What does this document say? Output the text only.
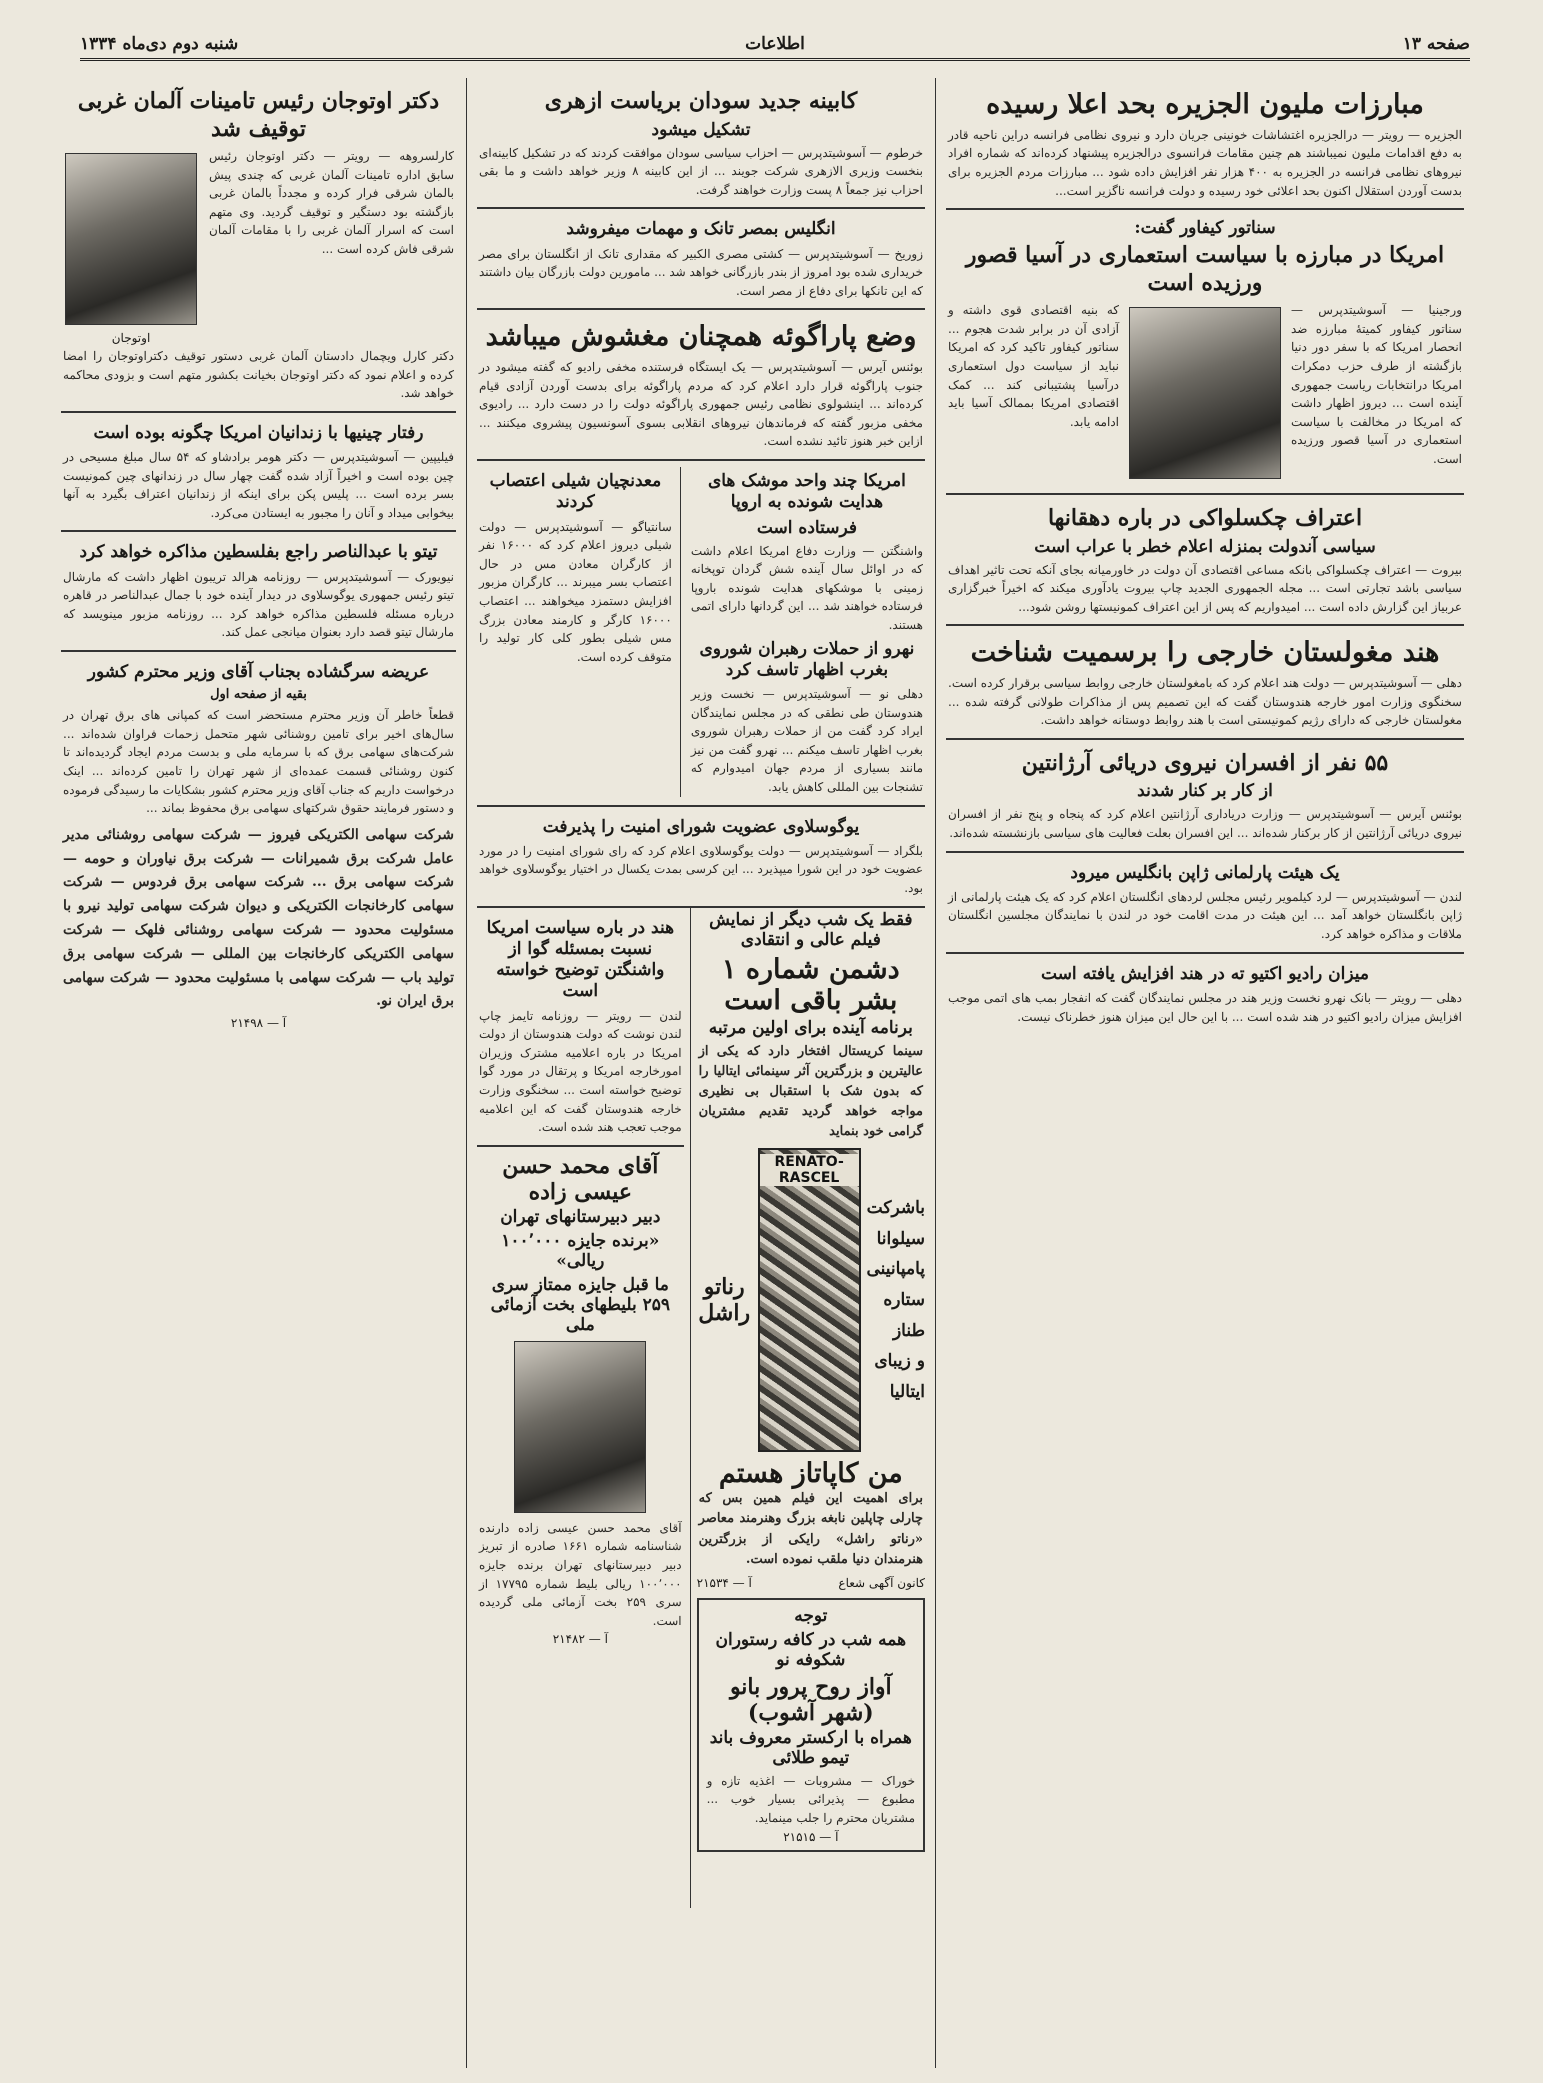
صفحه ۱۳
اطلاعات
شنبه دوم دی‌ماه ۱۳۳۴
مبارزات مليون الجزيره بحد اعلا رسيده
الجزیره‌ — رویتر — درالجزیره اغتشاشات خونینی جریان دارد و نیروی نظامی فرانسه دراین ناحیه قادر به دفع اقدامات مليون نمیباشند هم چنین مقامات فرانسوی درالجزیره پیشنهاد کرده‌اند که شماره افراد نیروهای نظامی فرانسه در الجزیره به ۴۰۰ هزار نفر افزایش داده شود ... مبارزات مردم الجزیره برای بدست آوردن استقلال اکنون بحد اعلائی خود رسیده و دولت فرانسه ناگزیر است...
سناتور کیفاور گفت:
امریکا در مبارزه با سیاست استعماری در آسیا قصور ورزیده است
ورجینیا — آسوشیتدپرس — سناتور کیفاور کمیتهٔ مبارزه ضد انحصار امریکا که با سفر دور دنیا بازگشته از طرف حزب دمکرات امریکا درانتخابات ریاست جمهوری آینده است ... دیروز اظهار داشت که امریکا در مخالفت با سیاست استعماری در آسیا قصور ورزیده است.
که بنیه اقتصادی قوی داشته و آزادی آن در برابر شدت هجوم ... سناتور کیفاور تاکید کرد که امریکا نباید از سیاست دول استعماری درآسیا پشتیبانی کند ... کمک اقتصادی امریکا بممالک آسیا باید ادامه یابد.
اعتراف چکسلواکی در باره دهقانها
سیاسی آندولت بمنزله اعلام خطر با عراب است
بیروت — اعتراف چکسلواکی بانکه مساعی اقتصادی آن دولت در خاورمیانه بجای آنکه تحت تاثیر اهداف سیاسی باشد تجارتی است ... مجله الجمهوری الجدید چاپ بیروت یادآوری میکند که اخیراً خبرگزاری عربیاز این گزارش داده است ... امیدواریم که پس از این اعتراف کمونیستها روشن شود...
هند مغولستان خارجی را برسمیت شناخت
دهلی — آسوشیتدپرس — دولت هند اعلام کرد که بامغولستان خارجی روابط سیاسی برقرار کرده است. سخنگوی وزارت امور خارجه هندوستان گفت که این تصمیم پس از مذاکرات طولانی گرفته شده ... مغولستان خارجی که دارای رژیم کمونیستی است با هند روابط دوستانه خواهد داشت.
۵۵ نفر از افسران نیروی دریائی آرژانتین
از کار بر کنار شدند
بوئنس آیرس — آسوشیتدپرس — وزارت دریاداری آرژانتین اعلام کرد که پنجاه و پنج نفر از افسران نیروی دریائی آرژانتین از کار برکنار شده‌اند ... این افسران بعلت فعالیت های سیاسی بازنشسته شده‌اند.
یک هیئت پارلمانی ژاپن بانگلیس میرود
لندن — آسوشیتدپرس — لرد کیلمویر رئیس مجلس لردهای انگلستان اعلام کرد که یک هیئت پارلمانی از ژاپن بانگلستان خواهد آمد ... این هیئت در مدت اقامت خود در لندن با نمایندگان مجلسین انگلستان ملاقات و مذاکره خواهد کرد.
میزان رادیو اکتیو ته در هند افزایش یافته است
دهلی — رویتر — بانک نهرو نخست وزیر هند در مجلس نمایندگان گفت که انفجار بمب های اتمی موجب افزایش میزان رادیو اکتیو در هند شده است ... با این حال این میزان هنوز خطرناک نیست.
کابینه جدید سودان بریاست ازهری
تشکیل میشود
خرطوم — آسوشیتدپرس — احزاب سیاسی سودان موافقت کردند که در تشکیل کابینه‌ای بنخست وزیری الازهری شرکت جویند ... از این کابینه ۸ وزیر خواهد داشت و ما بقی احزاب نیز جمعاً ۸ پست وزارت خواهند گرفت.
انگلیس بمصر تانک و مهمات میفروشد
زوریخ — آسوشیتدپرس — کشتی مصری الکبیر که مقداری تانک از انگلستان برای مصر خریداری شده بود امروز از بندر بازرگانی خواهد شد ... مامورین دولت بازرگان بیان داشتند که این تانکها برای دفاع از مصر است.
وضع پاراگوئه همچنان مغشوش میباشد
بوئنس آیرس — آسوشیتدپرس — یک ایستگاه فرستنده مخفی رادیو که گفته میشود در جنوب پاراگوئه قرار دارد اعلام کرد که مردم پاراگوئه برای بدست آوردن آزادی قیام کرده‌اند ... اینشولوی نظامی رئیس جمهوری پاراگوئه دولت را در دست دارد ... رادیوی مخفی مزبور گفته که فرماندهان نیروهای انقلابی بسوی آسونسیون پیشروی میکنند ... ازاین خبر هنوز تائید نشده است.
امریکا چند واحد موشک های هدایت شونده به اروپا
فرستاده است
واشنگتن — وزارت دفاع امریکا اعلام داشت که در اوائل سال آینده شش گردان توپخانه زمینی با موشکهای هدایت شونده باروپا فرستاده خواهند شد ... این گردانها دارای اتمی هستند.
نهرو از حملات رهبران شوروی بغرب اظهار تاسف کرد
دهلی نو — آسوشیتدپرس — نخست وزیر هندوستان طی نطقی که در مجلس نمایندگان ایراد کرد گفت من از حملات رهبران شوروی بغرب اظهار تاسف میکنم ... نهرو گفت من نیز مانند بسیاری از مردم جهان امیدوارم که تشنجات بین المللی کاهش یابد.
معدنچیان شیلی اعتصاب کردند
سانتیاگو — آسوشیتدپرس — دولت شیلی دیروز اعلام کرد که ۱۶۰۰۰ نفر از کارگران معادن مس در حال اعتصاب بسر میبرند ... کارگران مزبور افزایش دستمزد میخواهند ... اعتصاب ۱۶۰۰۰ کارگر و کارمند معادن بزرگ مس شیلی بطور کلی کار تولید را متوقف کرده است.
یوگوسلاوی عضویت شورای امنیت را پذیرفت
بلگراد — آسوشیتدپرس — دولت یوگوسلاوی اعلام کرد که رای شورای امنیت را در مورد عضویت خود در این شورا میپذیرد ... این کرسی بمدت یکسال در اختیار یوگوسلاوی خواهد بود.
فقط یک شب دیگر از نمایش فیلم عالی و انتقادی
دشمن شماره ۱ بشر باقی است
برنامه آینده برای اولین مرتبه
سینما کریستال افتخار دارد که یکی از عالیترین و بزرگترین آثر سینمائی ایتالیا را که بدون شک با استقبال بی نظیری مواجه خواهد گردید تقدیم مشتریان گرامی خود بنماید
باشرکت
سیلوانا
پامپانینی
ستاره طناز
و زیبای
ایتالیا
RENATO-RASCEL
رناتو راشل
من کاپاتاز هستم
برای اهمیت این فیلم همین بس که چارلی چاپلین نابغه بزرگ وهنرمند معاصر «رناتو راشل» رایکی از بزرگترین هنرمندان دنیا ملقب نموده است.
کانون آگهی شعاع
آ — ۲۱۵۳۴
توجه
همه شب در کافه رستوران شکوفه نو
آواز روح پرور بانو (شهر آشوب)
همراه با ارکستر معروف باند تیمو طلائی
خوراک — مشروبات — اغذیه تازه و مطبوع — پذیرائی بسیار خوب ... مشتریان محترم را جلب مینماید.
آ — ۲۱۵۱۵
هند در باره سیاست امریکا نسبت بمسئله گوا از واشنگتن توضیح خواسته است
لندن — رویتر — روزنامه تایمز چاپ لندن نوشت که دولت هندوستان از دولت امریکا در باره اعلامیه مشترک وزیران امورخارجه امریکا و پرتقال در مورد گوا توضیح خواسته است ... سخنگوی وزارت خارجه هندوستان گفت که این اعلامیه موجب تعجب هند شده است.
آقای محمد حسن عیسی زاده
دبیر دبیرستانهای تهران
«برنده جایزه ۱۰۰٬۰۰۰ ریالی»
ما قبل جایزه ممتاز سری ۲۵۹ بلیطهای بخت آزمائی ملی
آقای محمد حسن عیسی زاده دارنده شناسنامه شماره ۱۶۶۱ صادره از تبریز دبیر دبیرستانهای تهران برنده جایزه ۱۰۰٬۰۰۰ ریالی بلیط شماره ۱۷۷۹۵ از سری ۲۵۹ بخت آزمائی ملی گردیده است.
آ — ۲۱۴۸۲
دکتر اوتوجان رئیس تامینات آلمان غربی توقیف شد
کارلسروهه — رویتر — دکتر اوتوجان رئیس سابق اداره تامینات آلمان غربی که چندی پیش بالمان شرقی فرار کرده و مجدداً بالمان غربی بازگشته بود دستگیر و توقیف گردید. وی متهم است که اسرار آلمان غربی را با مقامات آلمان شرقی فاش کرده است ...
اوتوجان
دکتر کارل ویچمال دادستان آلمان غربی دستور توقیف دکتراوتوجان را امضا کرده و اعلام نمود که دکتر اوتوجان بخیانت بکشور متهم است و بزودی محاکمه خواهد شد.
رفتار چینیها با زندانیان امریکا چگونه بوده است
فیلیپین — آسوشیتدپرس — دکتر هومر برادشاو که ۵۴ سال مبلغ مسیحی در چین بوده است و اخیراً آزاد شده گفت چهار سال در زندانهای چین کمونیست بسر برده است ... پلیس پکن برای اینکه از زندانیان اعتراف بگیرد به آنها بیخوابی میداد و آنان را مجبور به ایستادن می‌کرد.
تیتو با عبدالناصر راجع بفلسطین مذاکره خواهد کرد
نیویورک — آسوشیتدپرس — روزنامه هرالد تریبون اظهار داشت که مارشال تیتو رئیس جمهوری یوگوسلاوی در دیدار آینده خود با جمال عبدالناصر در قاهره درباره مسئله فلسطین مذاکره خواهد کرد ... روزنامه مزبور مینویسد که مارشال تیتو قصد دارد بعنوان میانجی عمل کند.
عریضه سرگشاده بجناب آقای وزیر محترم کشور
بقیه از صفحه اول
قطعاً خاطر آن وزیر محترم مستحضر است که کمپانی های برق تهران در سال‌های اخیر برای تامین روشنائی شهر متحمل زحمات فراوان شده‌اند ... شرکت‌های سهامی برق که با سرمایه ملی و بدست مردم ایجاد گردیده‌اند تا کنون روشنائی قسمت عمده‌ای از شهر تهران را تامین کرده‌اند ... اینک درخواست داریم که جناب آقای وزیر محترم کشور بشکایات ما رسیدگی فرموده و دستور فرمایند حقوق شرکتهای سهامی برق محفوظ بماند ...
شرکت سهامی الکتریکی فیروز — شرکت سهامی روشنائی مدیر عامل شرکت برق شمیرانات — شرکت برق نیاوران و حومه — شرکت سهامی برق ... شرکت سهامی برق فردوس — شرکت سهامی کارخانجات الکتریکی و دیوان شرکت سهامی تولید نیرو با مسئولیت محدود — شرکت سهامی روشنائی فلهک — شرکت سهامی الکتریکی کارخانجات بین المللی — شرکت سهامی برق تولید باب — شرکت سهامی با مسئولیت محدود — شرکت سهامی برق ایران نو.
آ — ۲۱۴۹۸
